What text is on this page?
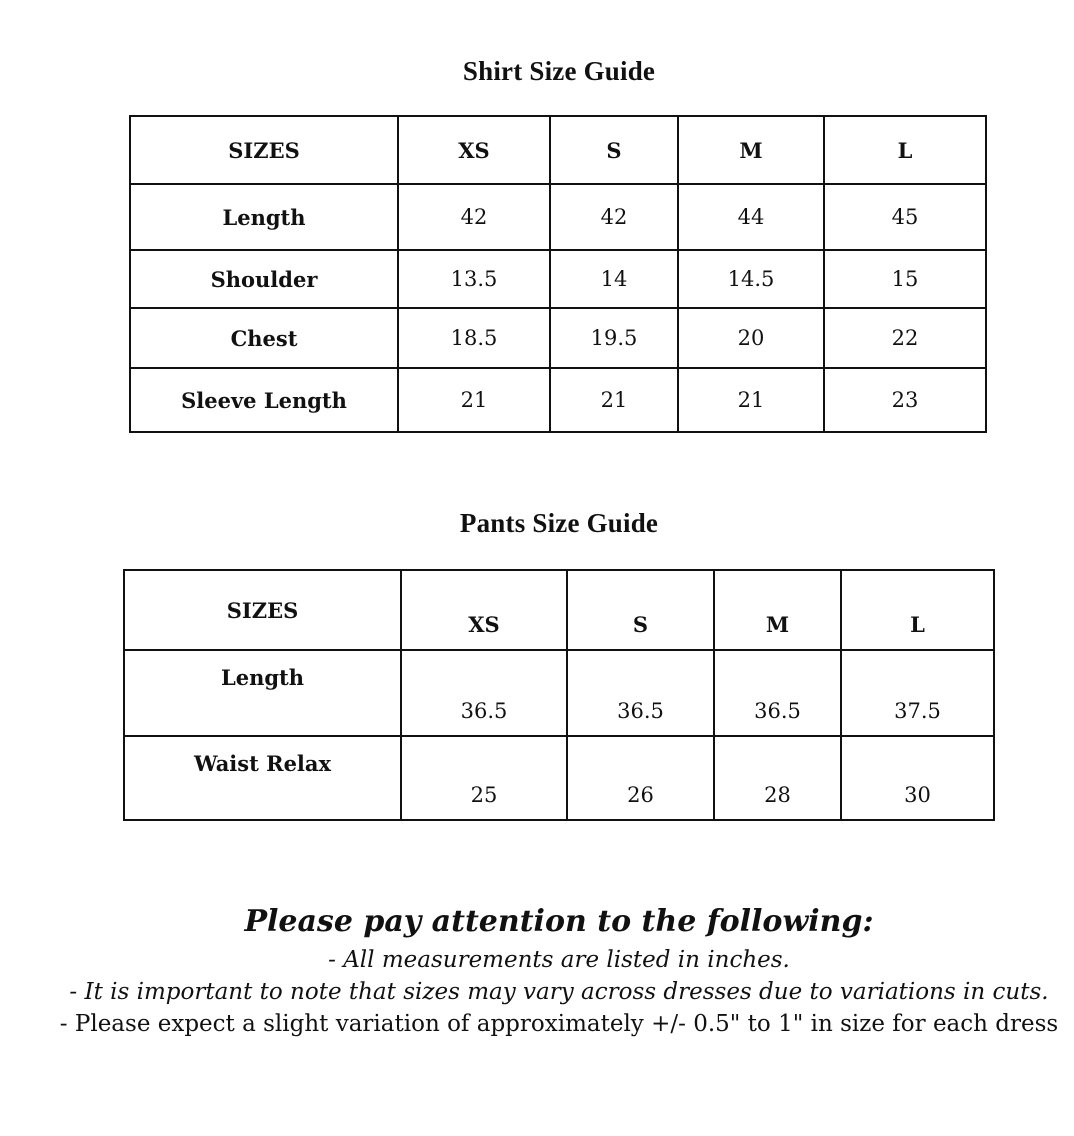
Shirt Size Guide
SIZES	XS	S	M	L
Length	42	42	44	45
Shoulder	13.5	14	14.5	15
Chest	18.5	19.5	20	22
Sleeve Length	21	21	21	23
Pants Size Guide
SIZES	XS	S	M	L
Length	36.5	36.5	36.5	37.5
Waist Relax	25	26	28	30
Please pay attention to the following:
- All measurements are listed in inches.
- It is important to note that sizes may vary across dresses due to variations in cuts.
- Please expect a slight variation of approximately +/- 0.5" to 1" in size for each dress
